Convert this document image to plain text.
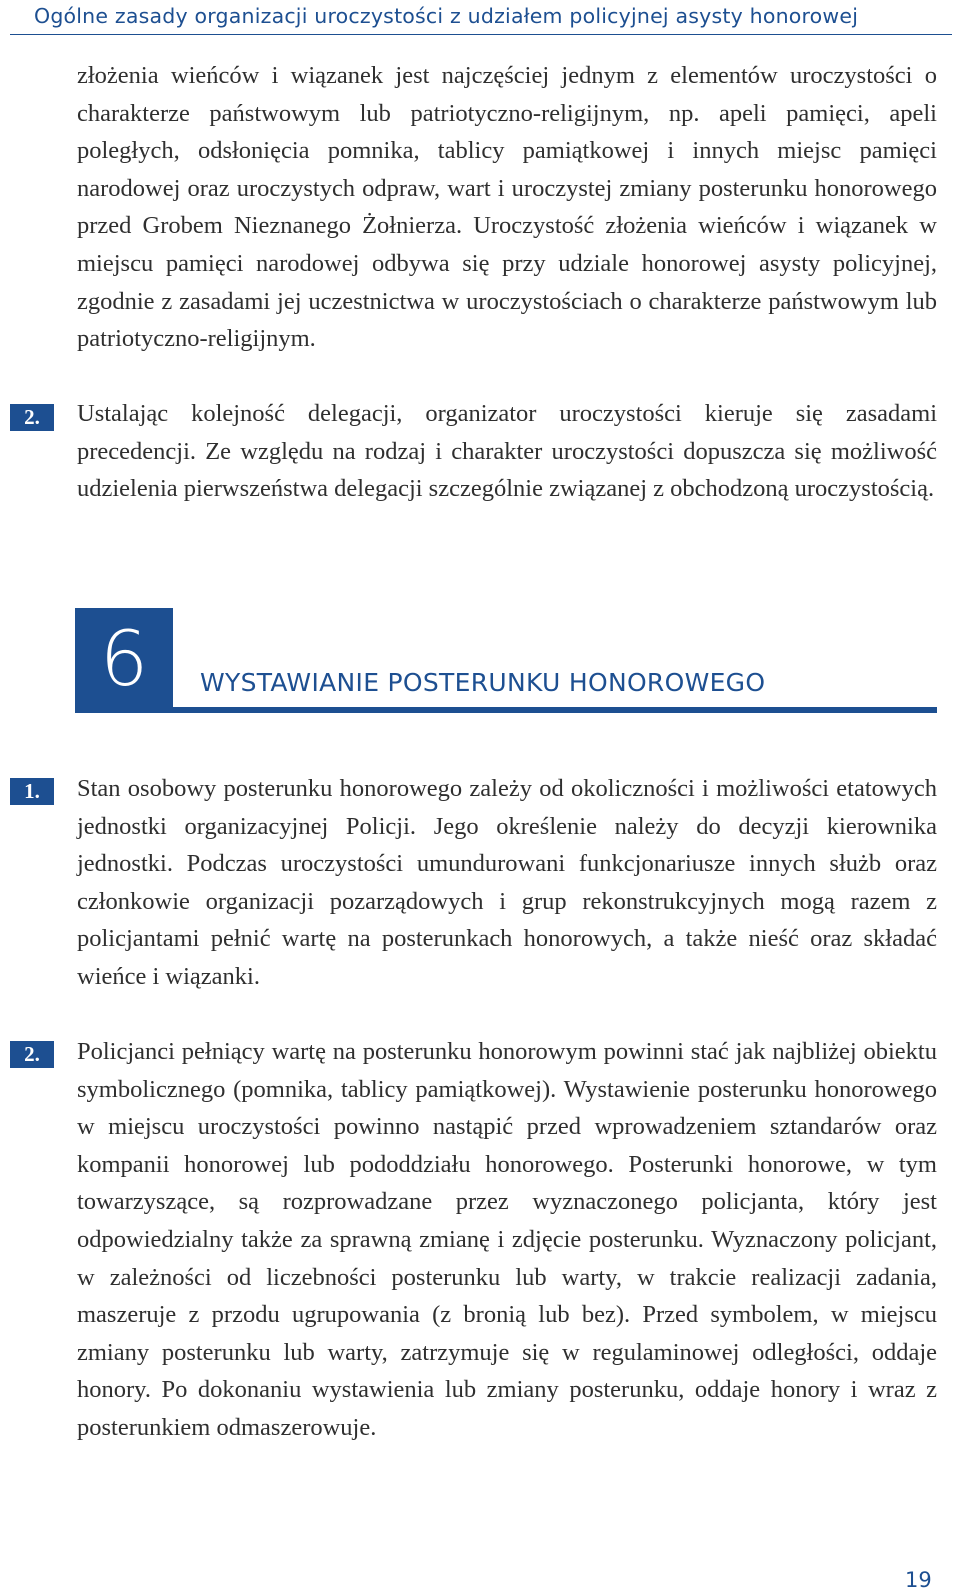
Ogólne zasady organizacji uroczystości z udziałem policyjnej asysty honorowej

złożenia wieńców i wiązanek jest najczęściej jednym z elementów uroczystości o charakterze państwowym lub patriotyczno-religijnym, np. apeli pamięci, apeli poległych, odsłonięcia pomnika, tablicy pamiątkowej i innych miejsc pamięci narodowej oraz uroczystych odpraw, wart i uroczystej zmiany posterunku honorowego przed Grobem Nieznanego Żołnierza. Uroczystość złożenia wieńców i wiązanek w miejscu pamięci narodowej odbywa się przy udziale honorowej asysty policyjnej, zgodnie z zasadami jej uczestnictwa w uroczystościach o charakterze państwowym lub patriotyczno-religijnym.

2.	Ustalając kolejność delegacji, organizator uroczystości kieruje się zasadami precedencji. Ze względu na rodzaj i charakter uroczystości dopuszcza się możliwość udzielenia pierwszeństwa delegacji szczególnie związanej z obchodzoną uroczystością.

6	WYSTAWIANIE POSTERUNKU HONOROWEGO
1.	Stan osobowy posterunku honorowego zależy od okoliczności i możliwości etatowych jednostki organizacyjnej Policji. Jego określenie należy do decyzji kierownika jednostki. Podczas uroczystości umundurowani funkcjonariusze innych służb oraz członkowie organizacji pozarządowych i grup rekonstrukcyjnych mogą razem z policjantami pełnić wartę na posterunkach honorowych, a także nieść oraz składać wieńce i wiązanki.

2.	Policjanci pełniący wartę na posterunku honorowym powinni stać jak najbliżej obiektu symbolicznego (pomnika, tablicy pamiątkowej). Wystawienie posterunku honorowego w miejscu uroczystości powinno nastąpić przed wprowadzeniem sztandarów oraz kompanii honorowej lub pododdziału honorowego. Posterunki honorowe, w tym towarzyszące, są rozprowadzane przez wyznaczonego policjanta, który jest odpowiedzialny także za sprawną zmianę i zdjęcie posterunku. Wyznaczony policjant, w zależności od liczebności posterunku lub warty, w trakcie realizacji zadania, maszeruje z przodu ugrupowania (z bronią lub bez). Przed symbolem, w miejscu zmiany posterunku lub warty, zatrzymuje się w regulaminowej odległości, oddaje honory. Po dokonaniu wystawienia lub zmiany posterunku, oddaje honory i wraz z posterunkiem odmaszerowuje.

19
